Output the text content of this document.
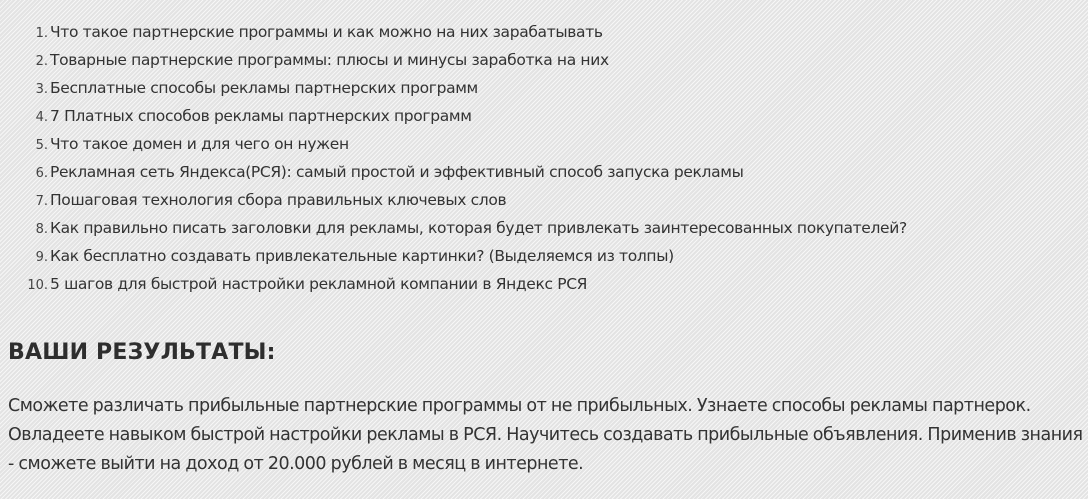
1. Что такое партнерские программы и как можно на них зарабатывать
2. Товарные партнерские программы: плюсы и минусы заработка на них
3. Бесплатные способы рекламы партнерских программ
4. 7 Платных способов рекламы партнерских программ
5. Что такое домен и для чего он нужен
6. Рекламная сеть Яндекса(РСЯ): самый простой и эффективный способ запуска рекламы
7. Пошаговая технология сбора правильных ключевых слов
8. Как правильно писать заголовки для рекламы, которая будет привлекать заинтересованных покупателей?
9. Как бесплатно создавать привлекательные картинки? (Выделяемся из толпы)
10. 5 шагов для быстрой настройки рекламной компании в Яндекс РСЯ
ВАШИ РЕЗУЛЬТАТЫ:

Сможете различать прибыльные партнерские программы от не прибыльных. Узнаете способы рекламы партнерок. Овладеете навыком быстрой настройки рекламы в РСЯ. Научитесь создавать прибыльные объявления. Применив знания - сможете выйти на доход от 20.000 рублей в месяц в интернете.
